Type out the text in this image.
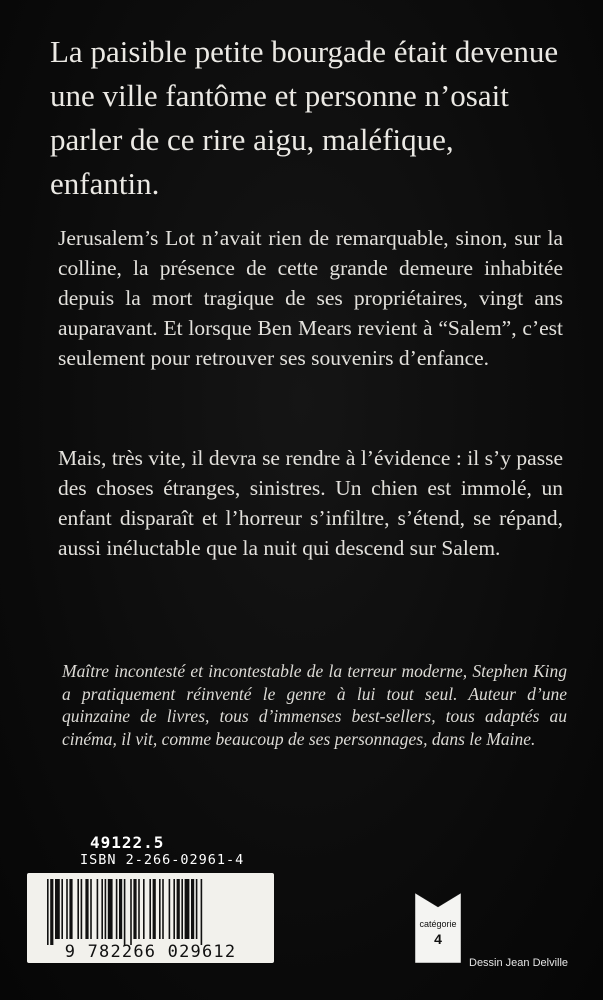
La paisible petite bourgade était devenue une ville fantôme et personne n’osait parler de ce rire aigu, maléfique, enfantin.

Jerusalem’s Lot n’avait rien de remarquable, sinon, sur la colline, la présence de cette grande demeure inhabitée depuis la mort tragique de ses propriétaires, vingt ans auparavant. Et lorsque Ben Mears revient à “Salem”, c’est seulement pour retrouver ses souvenirs d’enfance.

Mais, très vite, il devra se rendre à l’évidence : il s’y passe des choses étranges, sinistres. Un chien est immolé, un enfant disparaît et l’horreur s’infiltre, s’étend, se répand, aussi inéluctable que la nuit qui descend sur Salem.

Maître incontesté et incontestable de la terreur moderne, Stephen King a pratiquement réinventé le genre à lui tout seul. Auteur d’une quinzaine de livres, tous d’immenses best-sellers, tous adaptés au cinéma, il vit, comme beaucoup de ses personnages, dans le Maine.

49122.5
ISBN 2-266-02961-4
9 782266 029612
catégorie
4
Dessin Jean Delville
